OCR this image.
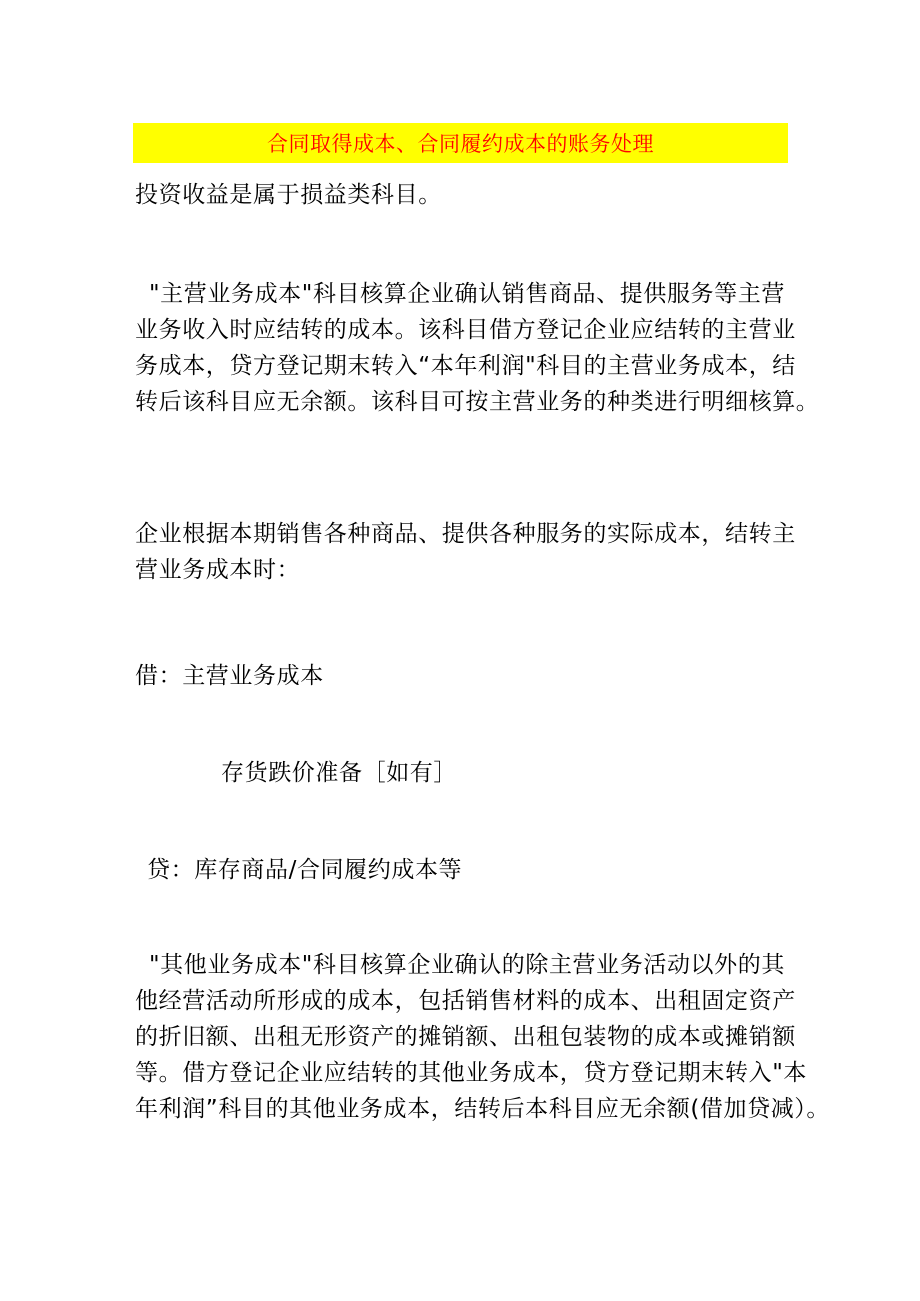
合同取得成本、合同履约成本的账务处理
投资收益是属于损益类科目。
"主营业务成本"科目核算企业确认销售商品、提供服务等主营
业务收入时应结转的成本。该科目借方登记企业应结转的主营业
务成本，贷方登记期末转入“本年利润"科目的主营业务成本，结
转后该科目应无余额。该科目可按主营业务的种类进行明细核算。
企业根据本期销售各种商品、提供各种服务的实际成本，结转主
营业务成本时：
借：主营业务成本
存货跌价准备［如有］
贷：库存商品/合同履约成本等
"其他业务成本"科目核算企业确认的除主营业务活动以外的其
他经营活动所形成的成本，包括销售材料的成本、出租固定资产
的折旧额、出租无形资产的摊销额、出租包装物的成本或摊销额
等。借方登记企业应结转的其他业务成本，贷方登记期末转入"本
年利润”科目的其他业务成本，结转后本科目应无余额(借加贷减）。
